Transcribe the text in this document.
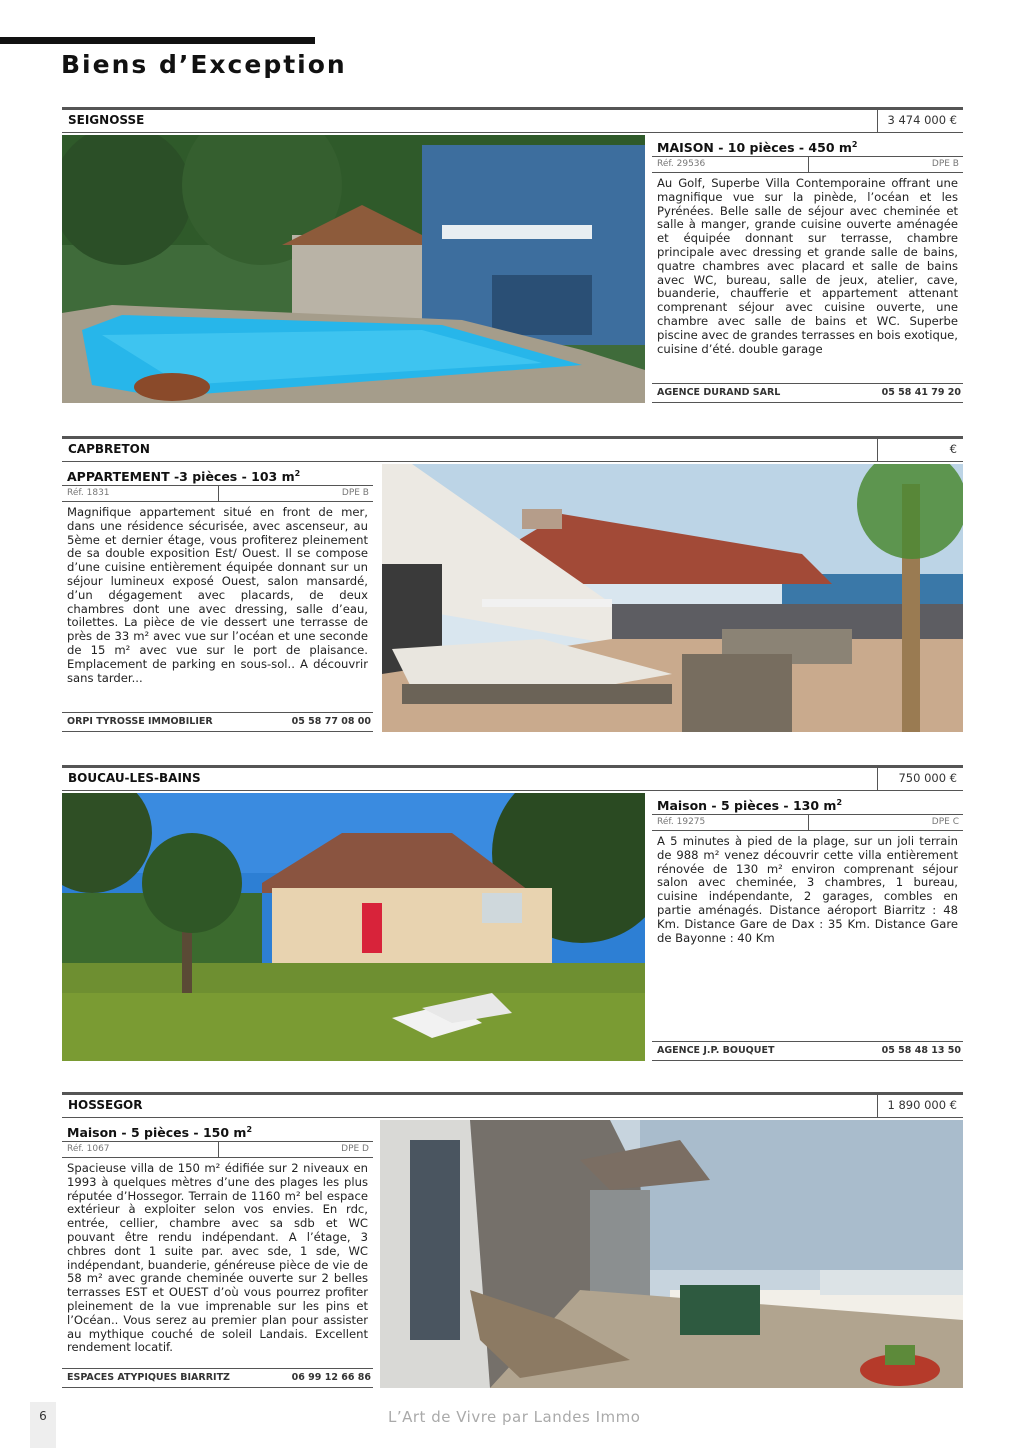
Biens d’Exception
SEIGNOSSE	3 474 000 €
MAISON - 10 pièces - 450 $m^2$
Réf. 29536	DPE B

Au Golf, Superbe Villa Contemporaine offrant une magnifique vue sur la pinède, l’océan et les Pyrénées. Belle salle de séjour avec cheminée et salle à manger, grande cuisine ouverte aménagée et équipée donnant sur terrasse, chambre principale avec dressing et grande salle de bains, quatre chambres avec placard et salle de bains avec WC, bureau, salle de jeux, atelier, cave, buanderie, chaufferie et appartement attenant comprenant séjour avec cuisine ouverte, une chambre avec salle de bains et WC. Superbe piscine avec de grandes terrasses en bois exotique, cuisine d’été. double garage

AGENCE DURAND SARL	05 58 41 79 20
CAPBRETON	€
APPARTEMENT -3 pièces - 103 $m^2$
Réf. 1831	DPE B

Magnifique appartement situé en front de mer, dans une résidence sécurisée, avec ascenseur, au 5ème et dernier étage, vous profiterez pleinement de sa double exposition Est/ Ouest. Il se compose d’une cuisine entièrement équipée donnant sur un séjour lumineux exposé Ouest, salon mansardé, d’un dégagement avec placards, de deux chambres dont une avec dressing, salle d’eau, toilettes. La pièce de vie dessert une terrasse de près de 33 m² avec vue sur l’océan et une seconde de 15 m² avec vue sur le port de plaisance. Emplacement de parking en sous-sol.. A découvrir sans tarder...

ORPI TYROSSE IMMOBILIER	05 58 77 08 00
BOUCAU-LES-BAINS	750 000 €
Maison - 5 pièces - 130 $m^2$
Réf. 19275	DPE C

A 5 minutes à pied de la plage, sur un joli terrain de 988 m² venez découvrir cette villa entièrement rénovée de 130 m² environ comprenant séjour salon avec cheminée, 3 chambres, 1 bureau, cuisine indépendante, 2 garages, combles en partie aménagés. Distance aéroport Biarritz : 48 Km. Distance Gare de Dax : 35 Km. Distance Gare de Bayonne : 40 Km

AGENCE J.P. BOUQUET	05 58 48 13 50
HOSSEGOR	1 890 000 €
Maison - 5 pièces - 150 $m^2$
Réf. 1067	DPE D

Spacieuse villa de 150 m² édifiée sur 2 niveaux en 1993 à quelques mètres d’une des plages les plus réputée d’Hossegor. Terrain de 1160 m² bel espace extérieur à exploiter selon vos envies. En rdc, entrée, cellier, chambre avec sa sdb et WC pouvant être rendu indépendant. A l’étage, 3 chbres dont 1 suite par. avec sde, 1 sde, WC indépendant, buanderie, généreuse pièce de vie de 58 m² avec grande cheminée ouverte sur 2 belles terrasses EST et OUEST d’où vous pourrez profiter pleinement de la vue imprenable sur les pins et l’Océan.. Vous serez au premier plan pour assister au mythique couché de soleil Landais. Excellent rendement locatif.

ESPACES ATYPIQUES BIARRITZ	06 99 12 66 86
6	L’Art de Vivre par Landes Immo
